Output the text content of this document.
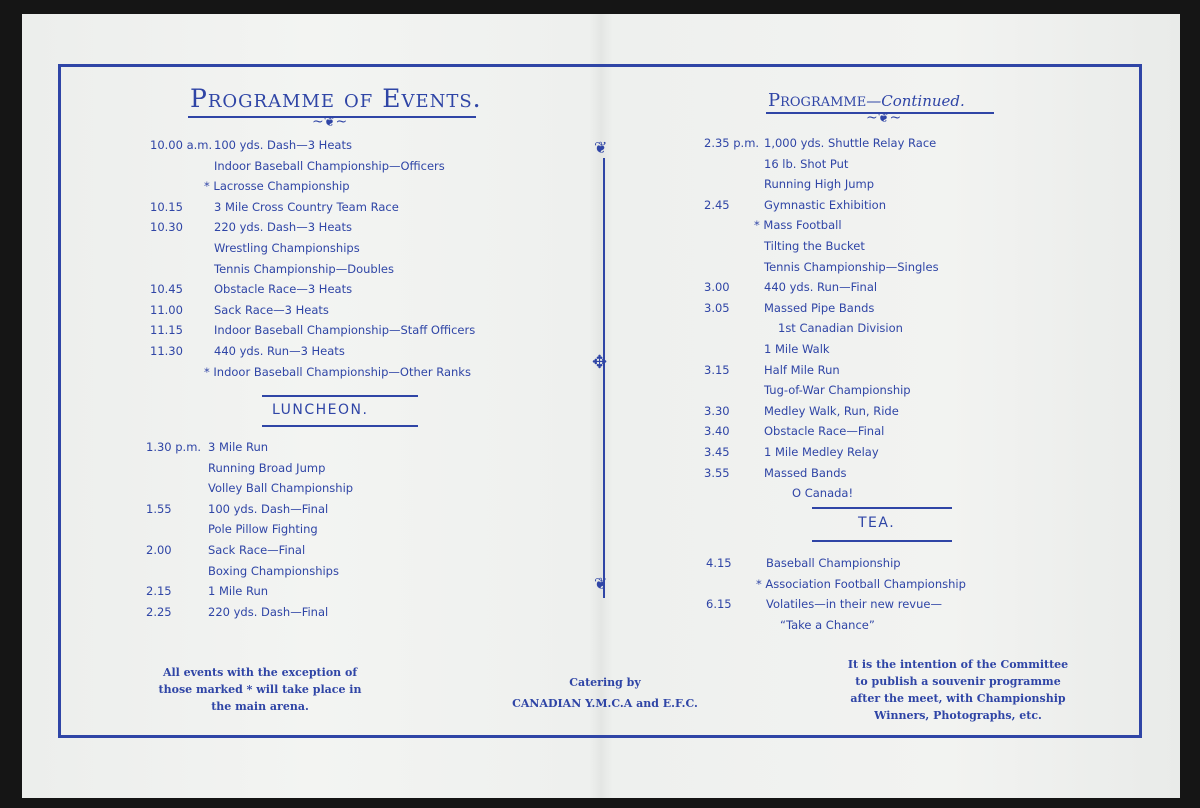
Programme of Events.
~❦~
Programme—Continued.
~❦~
❦
✥
❦
10.00 a.m. 100 yds. Dash—3 Heats
Indoor Baseball Championship—Officers
* Lacrosse Championship
10.15	3 Mile Cross Country Team Race
10.30	220 yds. Dash—3 Heats
Wrestling Championships
Tennis Championship—Doubles
10.45	Obstacle Race—3 Heats
11.00	Sack Race—3 Heats
11.15	Indoor Baseball Championship—Staff Officers
11.30	440 yds. Run—3 Heats
* Indoor Baseball Championship—Other Ranks
LUNCHEON.
1.30 p.m. 3 Mile Run
Running Broad Jump
Volley Ball Championship
1.55	100 yds. Dash—Final
Pole Pillow Fighting
2.00	Sack Race—Final
Boxing Championships
2.15	1 Mile Run
2.25	220 yds. Dash—Final
2.35 p.m. 1,000 yds. Shuttle Relay Race
16 lb. Shot Put
Running High Jump
2.45	Gymnastic Exhibition
* Mass Football
Tilting the Bucket
Tennis Championship—Singles
3.00	440 yds. Run—Final
3.05	Massed Pipe Bands
1st Canadian Division
1 Mile Walk
3.15	Half Mile Run
Tug-of-War Championship
3.30	Medley Walk, Run, Ride
3.40	Obstacle Race—Final
3.45	1 Mile Medley Relay
3.55	Massed Bands
O Canada!
TEA.
4.15	Baseball Championship
* Association Football Championship
6.15	Volatiles—in their new revue—
“Take a Chance”
All events with the exception of
those marked * will take place in
the main arena.
Catering by
CANADIAN Y.M.C.A and E.F.C.
It is the intention of the Committee
to publish a souvenir programme
after the meet, with Championship
Winners, Photographs, etc.
